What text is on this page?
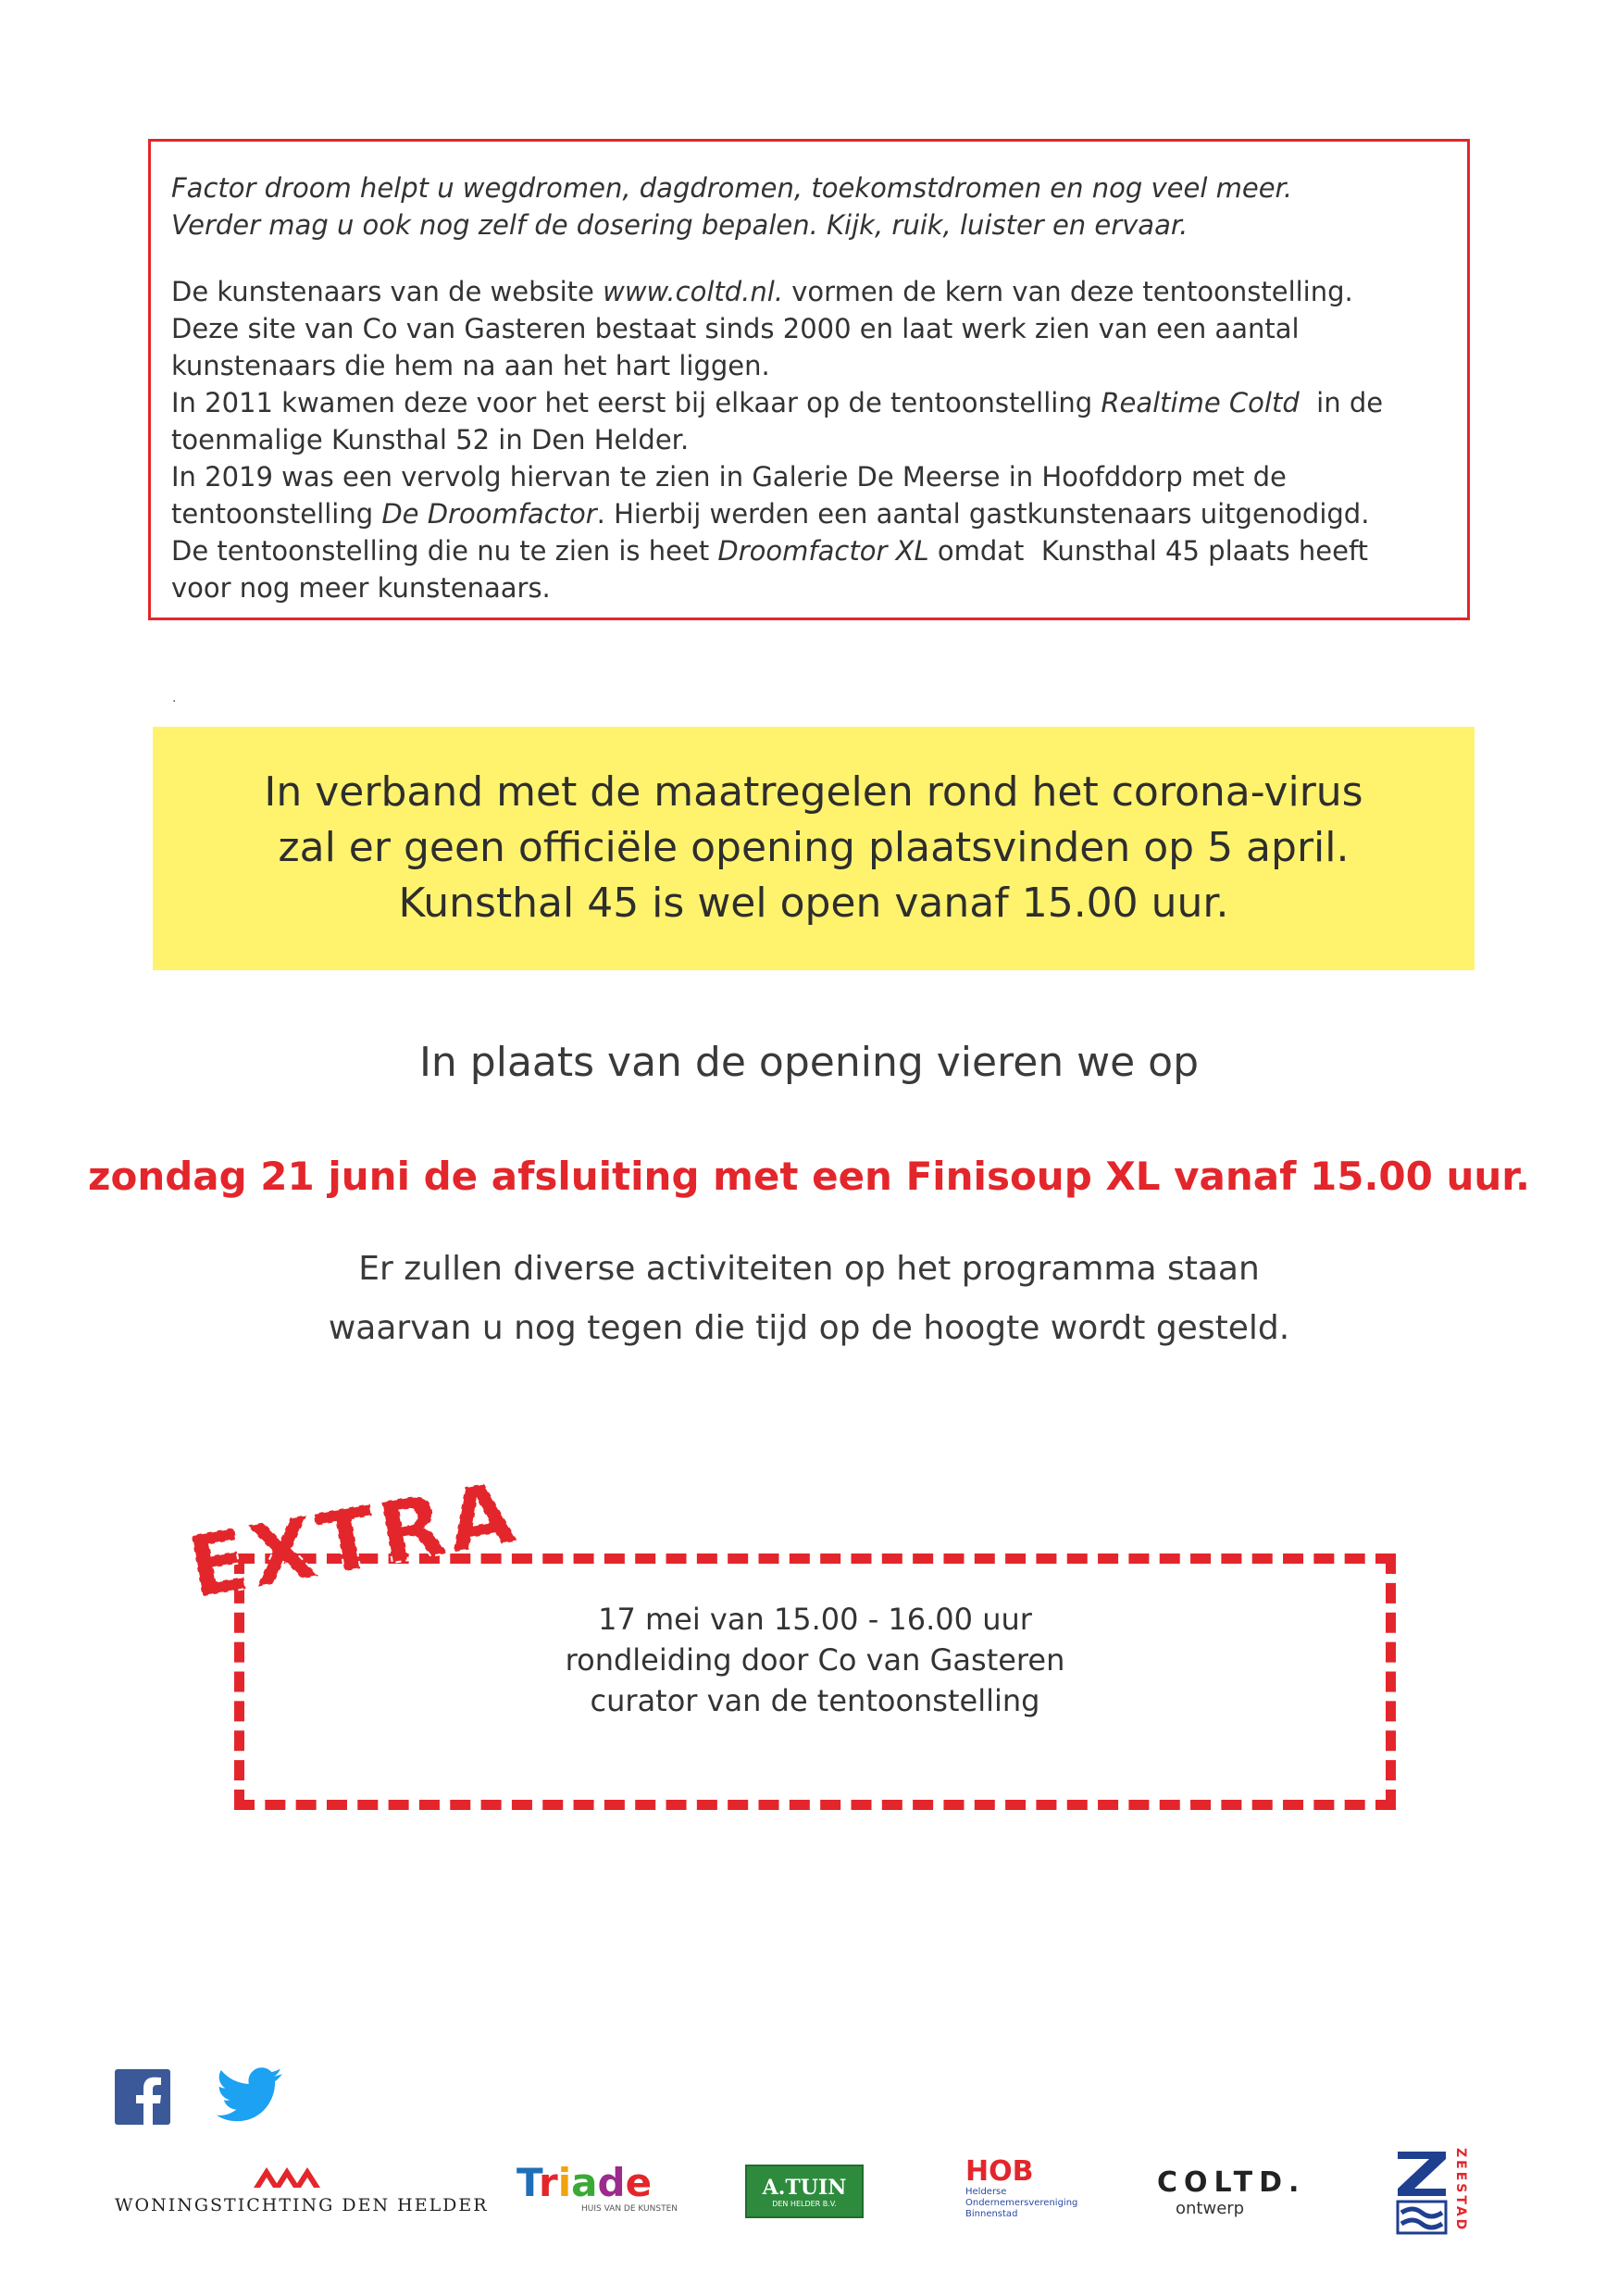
Factor droom helpt u wegdromen, dagdromen, toekomstdromen en nog veel meer.
Verder mag u ook nog zelf de dosering bepalen. Kijk, ruik, luister en ervaar.
De kunstenaars van de website www.coltd.nl. vormen de kern van deze tentoonstelling.
Deze site van Co van Gasteren bestaat sinds 2000 en laat werk zien van een aantal
kunstenaars die hem na aan het hart liggen.
In 2011 kwamen deze voor het eerst bij elkaar op de tentoonstelling Realtime Coltd  in de
toenmalige Kunsthal 52 in Den Helder.
In 2019 was een vervolg hiervan te zien in Galerie De Meerse in Hoofddorp met de
tentoonstelling De Droomfactor. Hierbij werden een aantal gastkunstenaars uitgenodigd.
De tentoonstelling die nu te zien is heet Droomfactor XL omdat  Kunsthal 45 plaats heeft
voor nog meer kunstenaars.
.
In verband met de maatregelen rond het corona-virus
zal er geen officiële opening plaatsvinden op 5 april.
Kunsthal 45 is wel open vanaf 15.00 uur.
In plaats van de opening vieren we op
zondag 21 juni de afsluiting met een Finisoup XL vanaf 15.00 uur.
Er zullen diverse activiteiten op het programma staan
waarvan u nog tegen die tijd op de hoogte wordt gesteld.
17 mei van 15.00 - 16.00 uur
rondleiding door Co van Gasteren
curator van de tentoonstelling
EXTRA
WONINGSTICHTING DEN HELDER Triade
HUIS VAN DE KUNSTEN
A.TUIN
DEN HELDER B.V.
HOB
Helderse
Ondernemersvereniging
Binnenstad
COLTD.
ontwerp	ZEESTAD
